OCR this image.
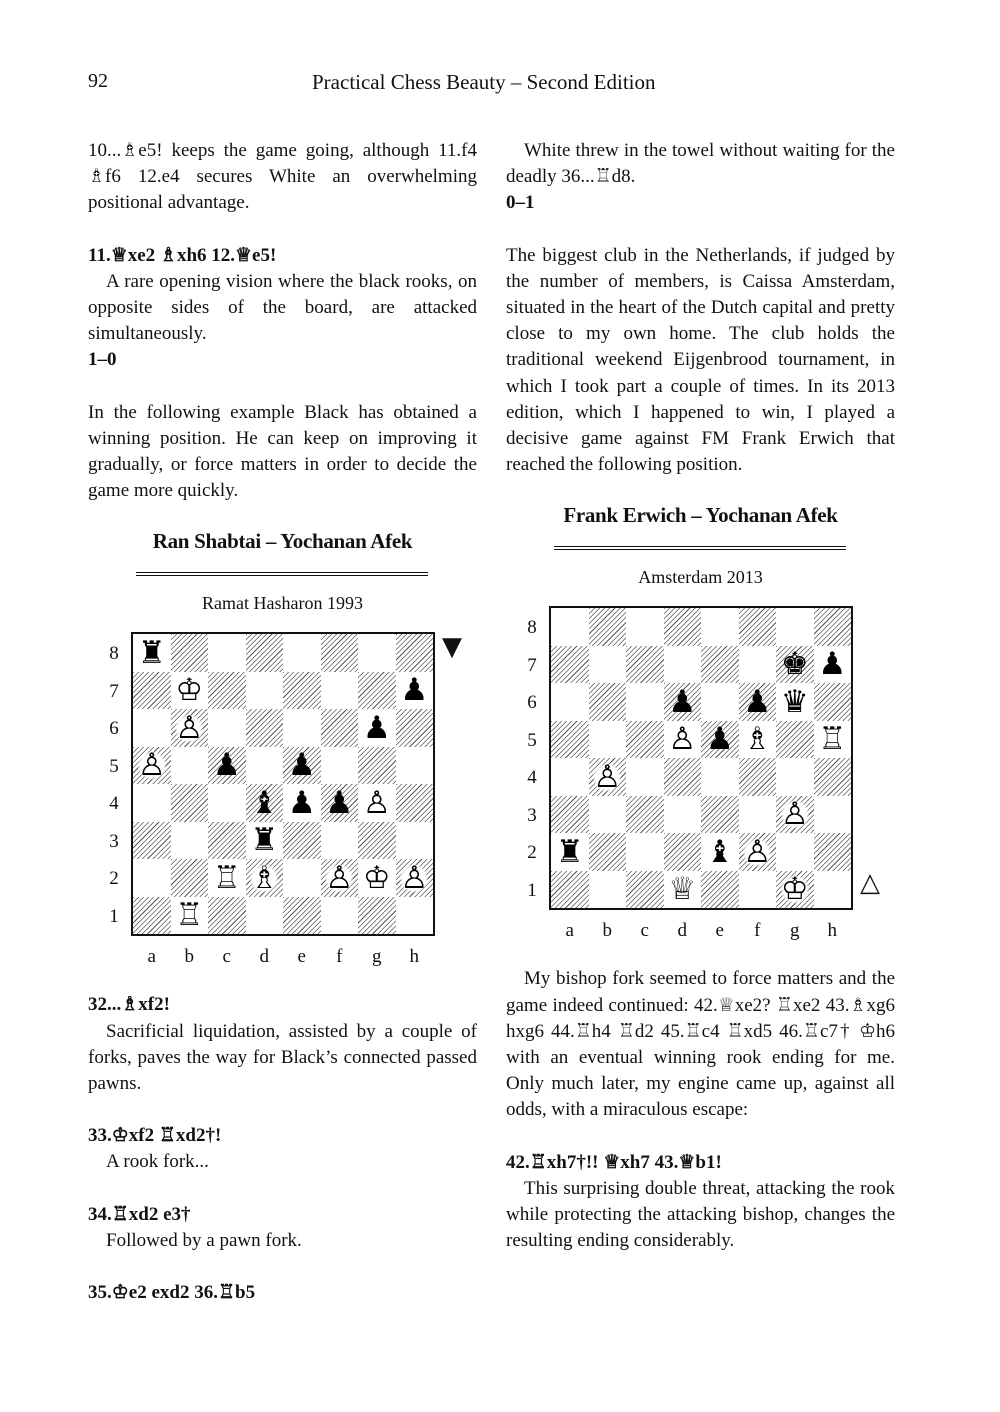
92	Practical Chess Beauty – Second Edition

10...♗e5! keeps the game going, although 11.f4 ♗f6 12.e4 secures White an overwhelming positional advantage.

11.♕xe2 ♗xh6 12.♕e5!

A rare opening vision where the black rooks, on opposite sides of the board, are attacked simultaneously.

1–0

In the following example Black has obtained a winning position. He can keep on improving it gradually, or force matters in order to decide the game more quickly.

Ran Shabtai – Yochanan Afek
Ramat Hasharon 1993
♜
♔	♟
♙	♟
♙ ♟ ♟
♝ ♟ ♟ ♙
♜
♖ ♗ ♙ ♔ ♙
♖
▼
8
7
6
5
4
3
2
1
a	b	c	d	e	f	g	h

32...♗xf2!

Sacrificial liquidation, assisted by a couple of forks, paves the way for Black’s connected passed pawns.

33.♔xf2 ♖xd2†!

A rook fork...

34.♖xd2 e3†

Followed by a pawn fork.

35.♔e2 exd2 36.♖b5

White threw in the towel without waiting for the deadly 36...♖d8.

0–1

The biggest club in the Netherlands, if judged by the number of members, is Caissa Amsterdam, situated in the heart of the Dutch capital and pretty close to my own home. The club holds the traditional weekend Eijgenbrood tournament, in which I took part a couple of times. In its 2013 edition, which I happened to win, I played a decisive game against FM Frank Erwich that reached the following position.

Frank Erwich – Yochanan Afek
Amsterdam 2013
♚ ♟
♟ ♟ ♛
♙ ♟ ♗ ♖
♙
♙
♜	♝ ♙
♕	♔ △
8
7
6
5
4
3
2
1
a	b	c	d	e	f	g	h

My bishop fork seemed to force matters and the game indeed continued: 42.♕xe2? ♖xe2 43.♗xg6 hxg6 44.♖h4 ♖d2 45.♖c4 ♖xd5 46.♖c7† ♔h6 with an eventual winning rook ending for me. Only much later, my engine came up, against all odds, with a miraculous escape:

42.♖xh7†!! ♕xh7 43.♕b1!

This surprising double threat, attacking the rook while protecting the attacking bishop, changes the resulting ending considerably.
